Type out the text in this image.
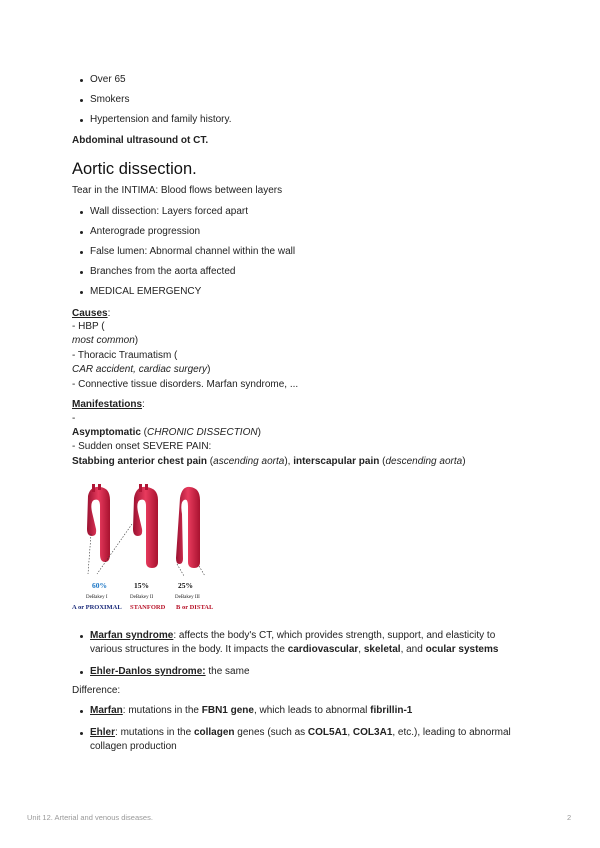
Over 65
Smokers
Hypertension and family history.
Abdominal ultrasound ot CT.
Aortic dissection.
Tear in the INTIMA: Blood flows between layers
Wall dissection: Layers forced apart
Anterograde progression
False lumen: Abnormal channel within the wall
Branches from the aorta affected
MEDICAL EMERGENCY
Causes:
- HBP (
most common)
- Thoracic Traumatism (
CAR accident, cardiac surgery)
- Connective tissue disorders. Marfan syndrome, ...
Manifestations:
-
Asymptomatic (CHRONIC DISSECTION)
- Sudden onset SEVERE PAIN:
Stabbing anterior chest pain (ascending aorta), interscapular pain (descending aorta)
60%	15%	25%
DeBakey I	DeBakey II	DeBakey III
A or PROXIMAL STANFORD B or DISTAL
Marfan syndrome: affects the body's CT, which provides strength, support, and elasticity to various structures in the body. It impacts the cardiovascular, skeletal, and ocular systems
Ehler-Danlos syndrome: the same
Difference:
Marfan: mutations in the FBN1 gene, which leads to abnormal fibrillin-1
Ehler: mutations in the collagen genes (such as COL5A1, COL3A1, etc.), leading to abnormal collagen production
Unit 12. Arterial and venous diseases.	2
